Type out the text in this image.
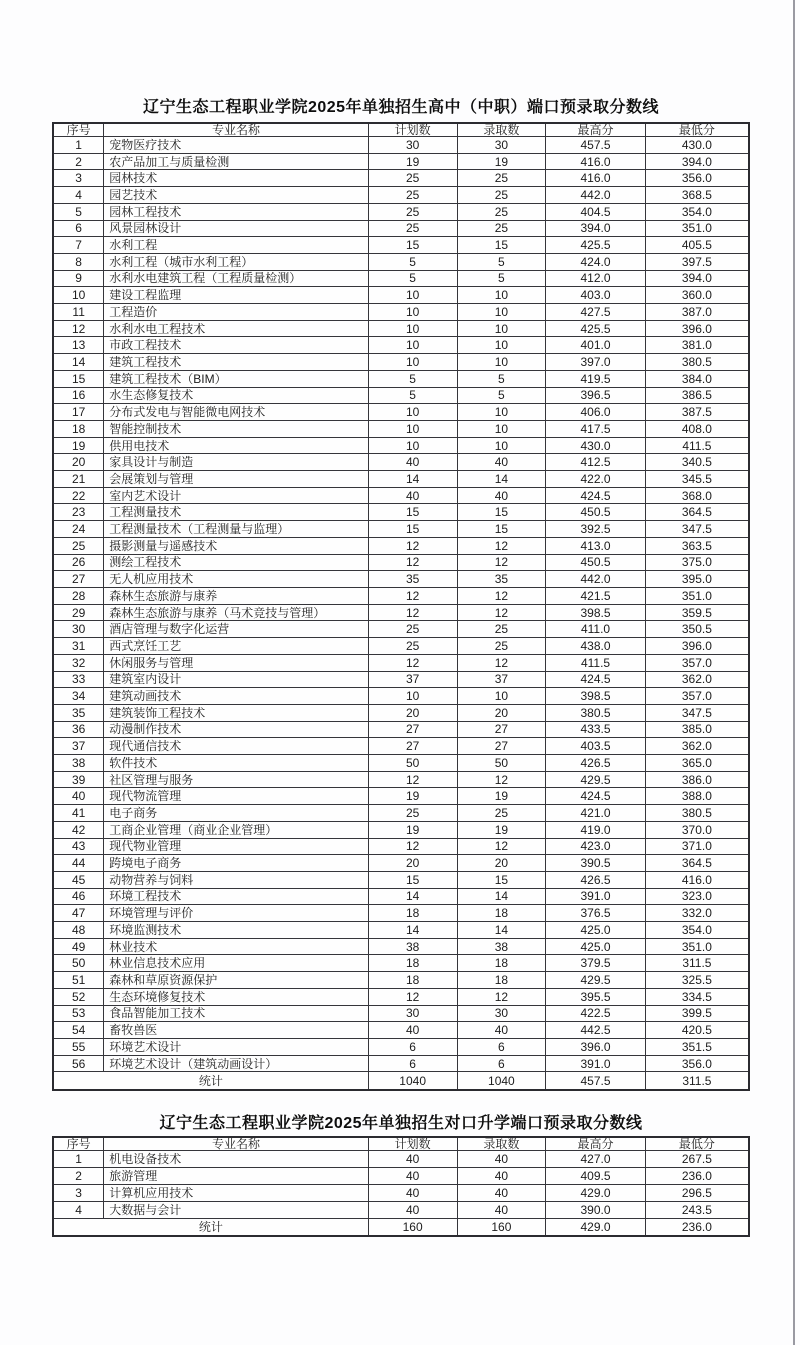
辽宁生态工程职业学院2025年单独招生高中（中职）端口预录取分数线
序号	专业名称	计划数	录取数	最高分	最低分
1	宠物医疗技术	30	30	457.5	430.0
2	农产品加工与质量检测	19	19	416.0	394.0
3	园林技术	25	25	416.0	356.0
4	园艺技术	25	25	442.0	368.5
5	园林工程技术	25	25	404.5	354.0
6	风景园林设计	25	25	394.0	351.0
7	水利工程	15	15	425.5	405.5
8	水利工程（城市水利工程）	5	5	424.0	397.5
9	水利水电建筑工程（工程质量检测）	5	5	412.0	394.0
10	建设工程监理	10	10	403.0	360.0
11	工程造价	10	10	427.5	387.0
12	水利水电工程技术	10	10	425.5	396.0
13	市政工程技术	10	10	401.0	381.0
14	建筑工程技术	10	10	397.0	380.5
15	建筑工程技术（BIM）	5	5	419.5	384.0
16	水生态修复技术	5	5	396.5	386.5
17	分布式发电与智能微电网技术	10	10	406.0	387.5
18	智能控制技术	10	10	417.5	408.0
19	供用电技术	10	10	430.0	411.5
20	家具设计与制造	40	40	412.5	340.5
21	会展策划与管理	14	14	422.0	345.5
22	室内艺术设计	40	40	424.5	368.0
23	工程测量技术	15	15	450.5	364.5
24	工程测量技术（工程测量与监理）	15	15	392.5	347.5
25	摄影测量与遥感技术	12	12	413.0	363.5
26	测绘工程技术	12	12	450.5	375.0
27	无人机应用技术	35	35	442.0	395.0
28	森林生态旅游与康养	12	12	421.5	351.0
29	森林生态旅游与康养（马术竞技与管理）	12	12	398.5	359.5
30	酒店管理与数字化运营	25	25	411.0	350.5
31	西式烹饪工艺	25	25	438.0	396.0
32	休闲服务与管理	12	12	411.5	357.0
33	建筑室内设计	37	37	424.5	362.0
34	建筑动画技术	10	10	398.5	357.0
35	建筑装饰工程技术	20	20	380.5	347.5
36	动漫制作技术	27	27	433.5	385.0
37	现代通信技术	27	27	403.5	362.0
38	软件技术	50	50	426.5	365.0
39	社区管理与服务	12	12	429.5	386.0
40	现代物流管理	19	19	424.5	388.0
41	电子商务	25	25	421.0	380.5
42	工商企业管理（商业企业管理）	19	19	419.0	370.0
43	现代物业管理	12	12	423.0	371.0
44	跨境电子商务	20	20	390.5	364.5
45	动物营养与饲料	15	15	426.5	416.0
46	环境工程技术	14	14	391.0	323.0
47	环境管理与评价	18	18	376.5	332.0
48	环境监测技术	14	14	425.0	354.0
49	林业技术	38	38	425.0	351.0
50	林业信息技术应用	18	18	379.5	311.5
51	森林和草原资源保护	18	18	429.5	325.5
52	生态环境修复技术	12	12	395.5	334.5
53	食品智能加工技术	30	30	422.5	399.5
54	畜牧兽医	40	40	442.5	420.5
55	环境艺术设计	6	6	396.0	351.5
56	环境艺术设计（建筑动画设计）	6	6	391.0	356.0
统计		1040	1040	457.5	311.5
辽宁生态工程职业学院2025年单独招生对口升学端口预录取分数线
序号	专业名称	计划数	录取数	最高分	最低分
1	机电设备技术	40	40	427.0	267.5
2	旅游管理	40	40	409.5	236.0
3	计算机应用技术	40	40	429.0	296.5
4	大数据与会计	40	40	390.0	243.5
统计		160	160	429.0	236.0
